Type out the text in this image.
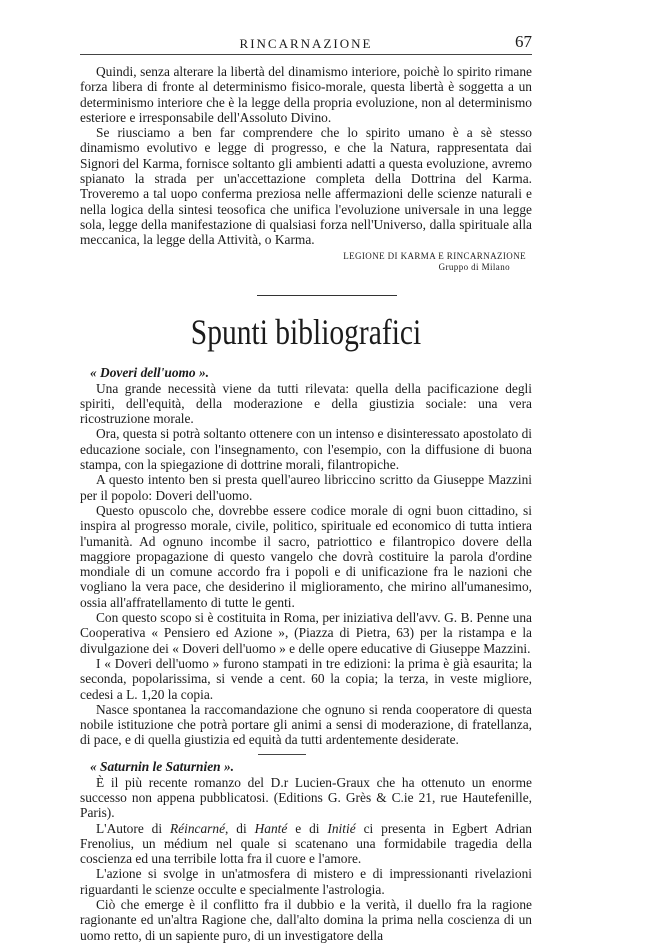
RINCARNAZIONE	67

Quindi, senza alterare la libertà del dinamismo interiore, poichè lo spirito rimane forza libera di fronte al determinismo fisico-morale, questa libertà è soggetta a un determinismo interiore che è la legge della propria evoluzione, non al determinismo esteriore e irresponsabile dell'Assoluto Divino.

Se riusciamo a ben far comprendere che lo spirito umano è a sè stesso dinamismo evolutivo e legge di progresso, e che la Natura, rappresentata dai Signori del Karma, fornisce soltanto gli ambienti adatti a questa evoluzione, avremo spianato la strada per un'accettazione completa della Dottrina del Karma. Troveremo a tal uopo conferma preziosa nelle affermazioni delle scienze naturali e nella logica della sintesi teosofica che unifica l'evoluzione universale in una legge sola, legge della manifestazione di qualsiasi forza nell'Universo, dalla spirituale alla meccanica, la legge della Attività, o Karma.

LEGIONE DI KARMA E RINCARNAZIONE
Gruppo di Milano
Spunti bibliografici

« Doveri dell'uomo ».

Una grande necessità viene da tutti rilevata: quella della pacificazione degli spiriti, dell'equità, della moderazione e della giustizia sociale: una vera ricostruzione morale.

Ora, questa si potrà soltanto ottenere con un intenso e disinteressato apostolato di educazione sociale, con l'insegnamento, con l'esempio, con la diffusione di buona stampa, con la spiegazione di dottrine morali, filantropiche.

A questo intento ben si presta quell'aureo libriccino scritto da Giuseppe Mazzini per il popolo: Doveri dell'uomo.

Questo opuscolo che, dovrebbe essere codice morale di ogni buon cittadino, si inspira al progresso morale, civile, politico, spirituale ed economico di tutta intiera l'umanità. Ad ognuno incombe il sacro, patriottico e filantropico dovere della maggiore propagazione di questo vangelo che dovrà costituire la parola d'ordine mondiale di un comune accordo fra i popoli e di unificazione fra le nazioni che vogliano la vera pace, che desiderino il miglioramento, che mirino all'umanesimo, ossia all'affratellamento di tutte le genti.

Con questo scopo si è costituita in Roma, per iniziativa dell'avv. G. B. Penne una Cooperativa « Pensiero ed Azione », (Piazza di Pietra, 63) per la ristampa e la divulgazione dei « Doveri dell'uomo » e delle opere educative di Giuseppe Mazzini.

I « Doveri dell'uomo » furono stampati in tre edizioni: la prima è già esaurita; la seconda, popolarissima, si vende a cent. 60 la copia; la terza, in veste migliore, cedesi a L. 1,20 la copia.

Nasce spontanea la raccomandazione che ognuno si renda cooperatore di questa nobile istituzione che potrà portare gli animi a sensi di moderazione, di fratellanza, di pace, e di quella giustizia ed equità da tutti ardentemente desiderate.

« Saturnin le Saturnien ».

È il più recente romanzo del D.r Lucien-Graux che ha ottenuto un enorme successo non appena pubblicatosi. (Editions G. Grès & C.ie 21, rue Hautefenille, Paris).

L'Autore di Réincarné, di Hanté e di Initié ci presenta in Egbert Adrian Frenolius, un médium nel quale si scatenano una formidabile tragedia della coscienza ed una terribile lotta fra il cuore e l'amore.

L'azione si svolge in un'atmosfera di mistero e di impressionanti rivelazioni riguardanti le scienze occulte e specialmente l'astrologia.

Ciò che emerge è il conflitto fra il dubbio e la verità, il duello fra la ragione ragionante ed un'altra Ragione che, dall'alto domina la prima nella coscienza di un uomo retto, di un sapiente puro, di un investigatore della
